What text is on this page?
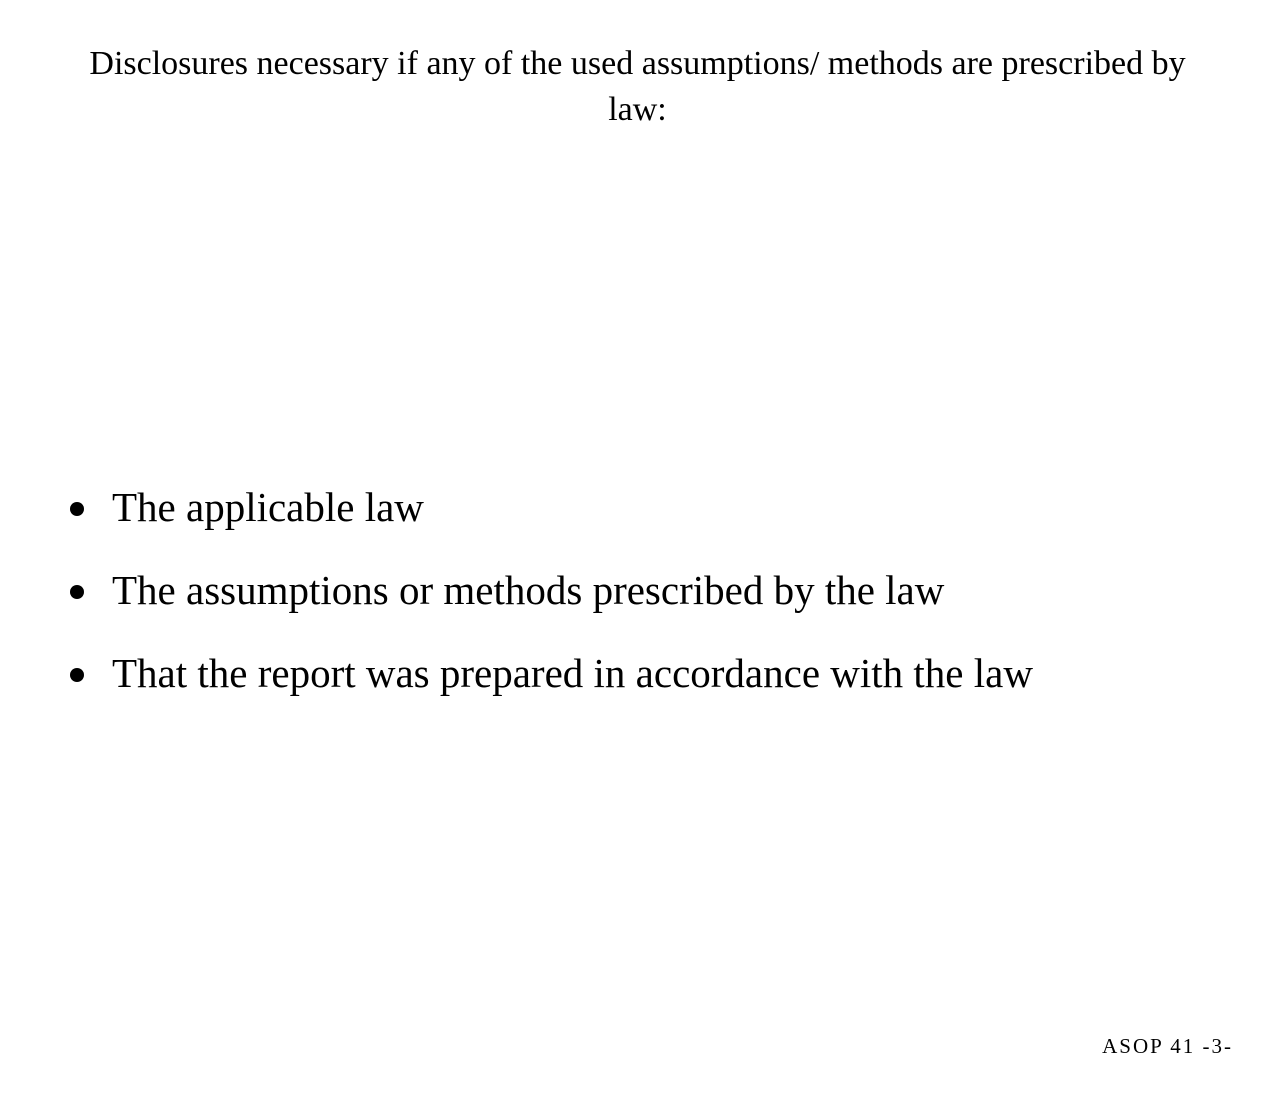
Disclosures necessary if any of the used assumptions/ methods are prescribed by law:
The applicable law
The assumptions or methods prescribed by the law
That the report was prepared in accordance with the law
ASOP 41 -3-
